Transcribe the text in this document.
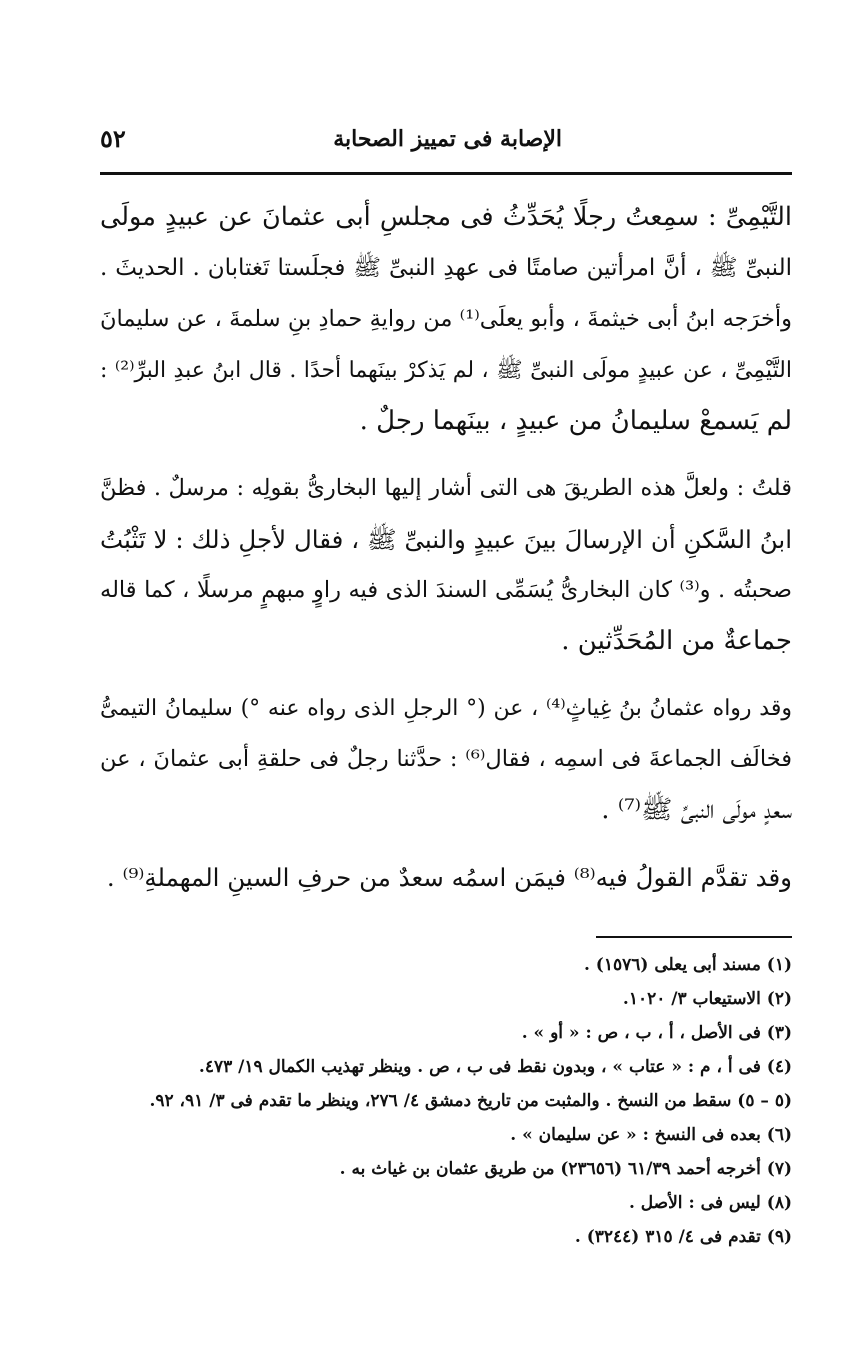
الإصابة فى تمييز الصحابة
٥٢
التَّيْمِىِّ : سمِعتُ رجلًا يُحَدِّثُ فى مجلسِ أبى عثمانَ عن عبيدٍ مولَى
النبىِّ ﷺ ، أنَّ امرأتين صامتًا فى عهدِ النبىِّ ﷺ فجلَستا تَغتابان . الحديثَ .
وأخرَجه ابنُ أبى خيثمةَ ، وأبو يعلَى⁽¹⁾ من روايةِ حمادِ بنِ سلمةَ ، عن سليمانَ
التَّيْمِىِّ ، عن عبيدٍ مولَى النبىِّ ﷺ ، لم يَذكرْ بينَهما أحدًا . قال ابنُ عبدِ البرِّ⁽²⁾ :
لم يَسمعْ سليمانُ من عبيدٍ ، بينَهما رجلٌ .
قلتُ : ولعلَّ هذه الطريقَ هى التى أشار إليها البخارىُّ بقولِه : مرسلٌ . فظنَّ
ابنُ السَّكنِ أن الإرسالَ بينَ عبيدٍ والنبىِّ ﷺ ، فقال لأجلِ ذلك : لا تَثْبُتُ
صحبتُه . و⁽³⁾ كان البخارىُّ يُسَمِّى السندَ الذى فيه راوٍ مبهمٍ مرسلًا ، كما قاله
جماعةٌ من المُحَدِّثين .
وقد رواه عثمانُ بنُ غِياثٍ⁽⁴⁾ ، عن (° الرجلِ الذى رواه عنه °) سليمانُ التيمىُّ
فخالَف الجماعةَ فى اسمِه ، فقال⁽⁶⁾ : حدَّثنا رجلٌ فى حلقةِ أبى عثمانَ ، عن
سعدٍ مولَى النبىِّ ﷺ⁽⁷⁾ .
وقد تقدَّم القولُ فيه⁽⁸⁾ فيمَن اسمُه سعدٌ من حرفِ السينِ المهملةِ⁽⁹⁾ .
(١) مسند أبى يعلى (١٥٧٦) .
(٢) الاستيعاب ٣/ ١٠٢٠.
(٣) فى الأصل ، أ ، ب ، ص : « أو » .
(٤) فى أ ، م : « عتاب » ، وبدون نقط فى ب ، ص . وينظر تهذيب الكمال ١٩/ ٤٧٣.
(٥ – ٥) سقط من النسخ . والمثبت من تاريخ دمشق ٤/ ٢٧٦، وينظر ما تقدم فى ٣/ ٩١، ٩٢.
(٦) بعده فى النسخ : « عن سليمان » .
(٧) أخرجه أحمد ٦١/٣٩ (٢٣٦٥٦) من طريق عثمان بن غياث به .
(٨) ليس فى : الأصل .
(٩) تقدم فى ٤/ ٣١٥ (٣٢٤٤) .
